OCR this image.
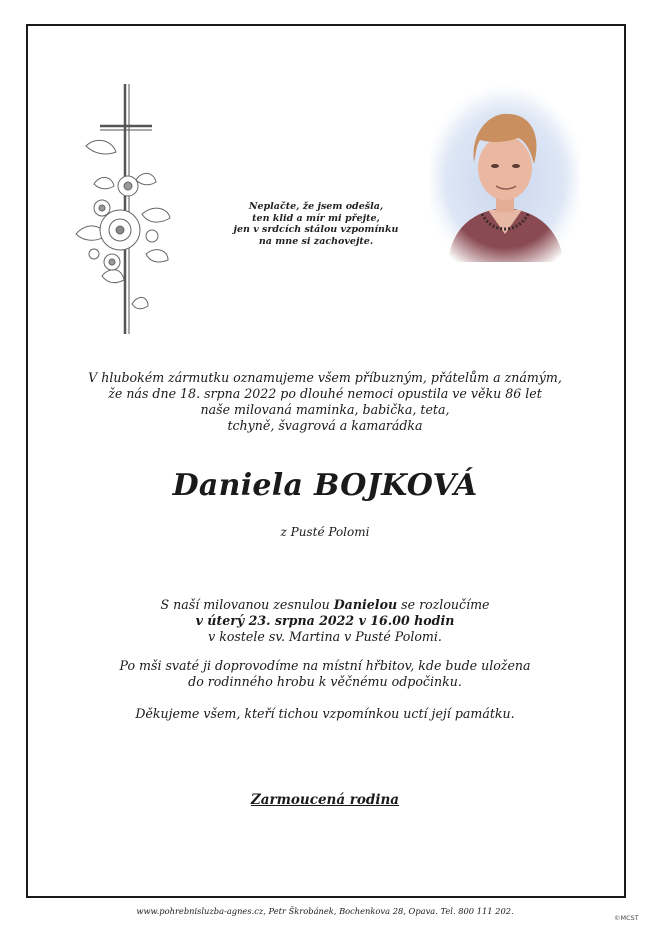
Neplačte, že jsem odešla,
ten klid a mír mi přejte,
jen v srdcích stálou vzpomínku
na mne si zachovejte.
V hlubokém zármutku oznamujeme všem příbuzným, přátelům a známým,
že nás dne 18. srpna 2022 po dlouhé nemoci opustila ve věku 86 let
naše milovaná maminka, babička, teta,
tchyně, švagrová a kamarádka
Daniela BOJKOVÁ
z Pusté Polomi
S naší milovanou zesnulou Danielou se rozloučíme
v úterý 23. srpna 2022 v 16.00 hodin
v kostele sv. Martina v Pusté Polomi.
Po mši svaté ji doprovodíme na místní hřbitov, kde bude uložena
do rodinného hrobu k věčnému odpočinku.
Děkujeme všem, kteří tichou vzpomínkou uctí její památku.
Zarmoucená rodina
www.pohrebnisluzba-agnes.cz, Petr Škrobánek, Bochenkova 28, Opava. Tel. 800 111 202.
©MCST
